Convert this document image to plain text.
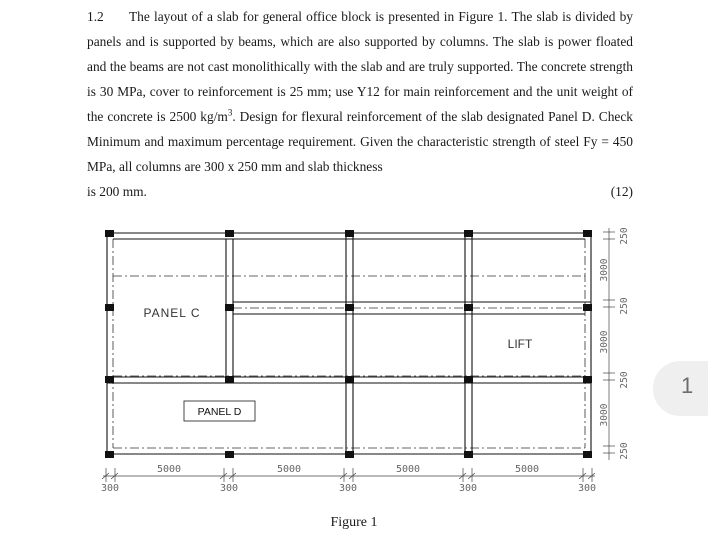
1.2 The layout of a slab for general office block is presented in Figure 1. The slab is divided by panels and is supported by beams, which are also supported by columns. The slab is power floated and the beams are not cast monolithically with the slab and are truly supported. The concrete strength is 30 MPa, cover to reinforcement is 25 mm; use Y12 for main reinforcement and the unit weight of the concrete is 2500 $kg/m^3$. Design for flexural reinforcement of the slab designated Panel D. Check Minimum and maximum percentage requirement. Given the characteristic strength of steel Fy = 450 MPa, all columns are 300 x 250 mm and slab thickness
is 200 mm.	(12)
PANEL C
LIFT
PANEL D
5000	5000	5000	5000
300	300	300	300	300
250
3000
250
3000
250
3000
250
Figure 1
1
